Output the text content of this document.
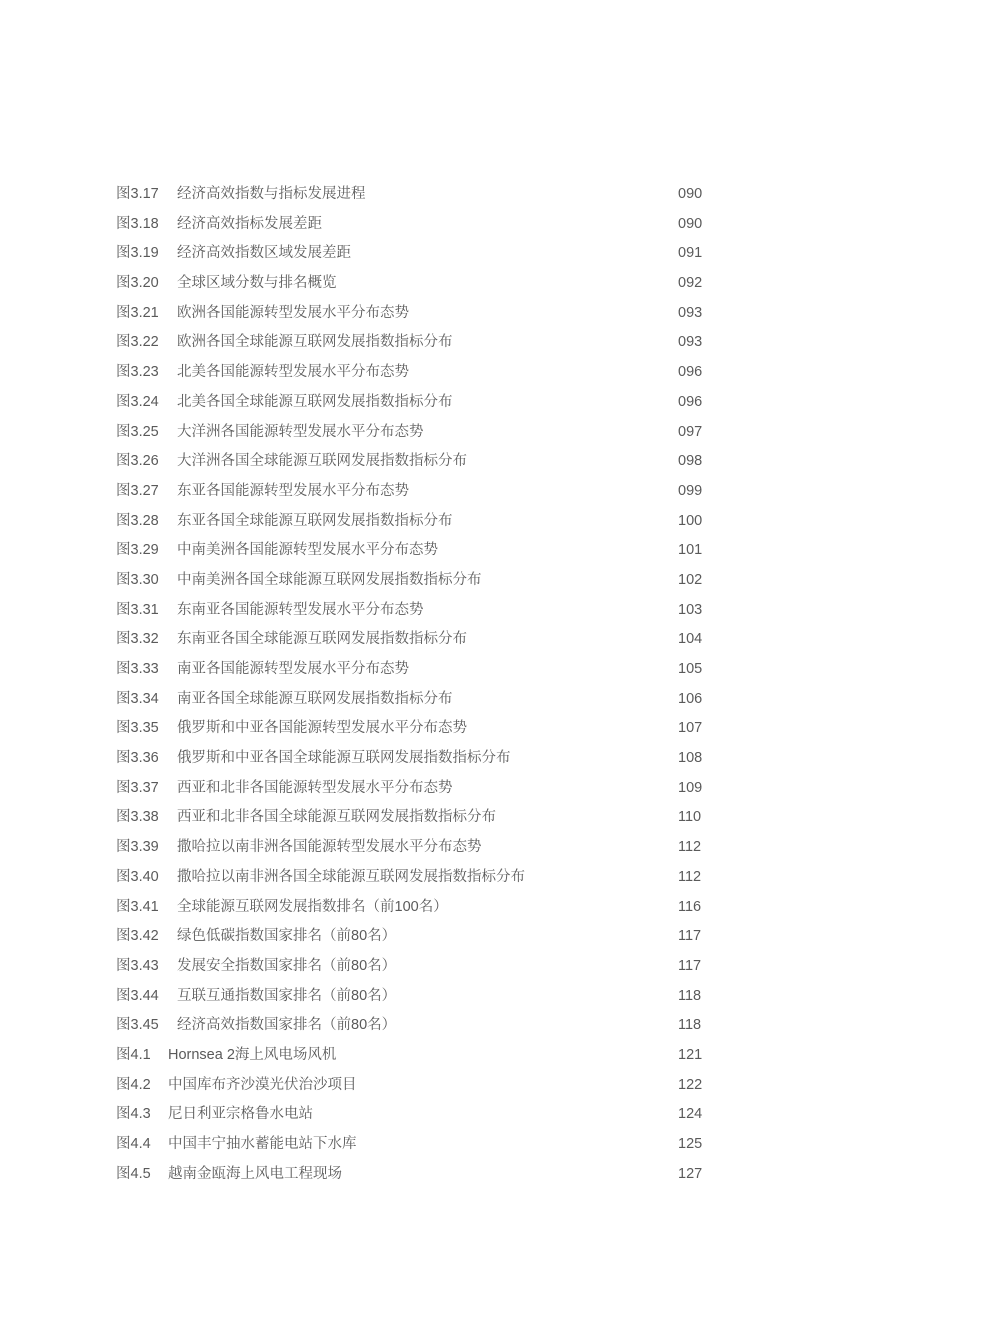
图3.17 经济高效指数与指标发展进程	090
图3.18 经济高效指标发展差距	090
图3.19 经济高效指数区域发展差距	091
图3.20 全球区域分数与排名概览	092
图3.21 欧洲各国能源转型发展水平分布态势	093
图3.22 欧洲各国全球能源互联网发展指数指标分布	093
图3.23 北美各国能源转型发展水平分布态势	096
图3.24 北美各国全球能源互联网发展指数指标分布	096
图3.25 大洋洲各国能源转型发展水平分布态势	097
图3.26 大洋洲各国全球能源互联网发展指数指标分布	098
图3.27 东亚各国能源转型发展水平分布态势	099
图3.28 东亚各国全球能源互联网发展指数指标分布	100
图3.29 中南美洲各国能源转型发展水平分布态势	101
图3.30 中南美洲各国全球能源互联网发展指数指标分布	102
图3.31 东南亚各国能源转型发展水平分布态势	103
图3.32 东南亚各国全球能源互联网发展指数指标分布	104
图3.33 南亚各国能源转型发展水平分布态势	105
图3.34 南亚各国全球能源互联网发展指数指标分布	106
图3.35 俄罗斯和中亚各国能源转型发展水平分布态势	107
图3.36 俄罗斯和中亚各国全球能源互联网发展指数指标分布	108
图3.37 西亚和北非各国能源转型发展水平分布态势	109
图3.38 西亚和北非各国全球能源互联网发展指数指标分布	110
图3.39 撒哈拉以南非洲各国能源转型发展水平分布态势	112
图3.40 撒哈拉以南非洲各国全球能源互联网发展指数指标分布	112
图3.41 全球能源互联网发展指数排名（前100名）	116
图3.42 绿色低碳指数国家排名（前80名）	117
图3.43 发展安全指数国家排名（前80名）	117
图3.44 互联互通指数国家排名（前80名）	118
图3.45 经济高效指数国家排名（前80名）	118
图4.1 Hornsea 2海上风电场风机	121
图4.2 中国库布齐沙漠光伏治沙项目	122
图4.3 尼日利亚宗格鲁水电站	124
图4.4 中国丰宁抽水蓄能电站下水库	125
图4.5 越南金瓯海上风电工程现场	127
